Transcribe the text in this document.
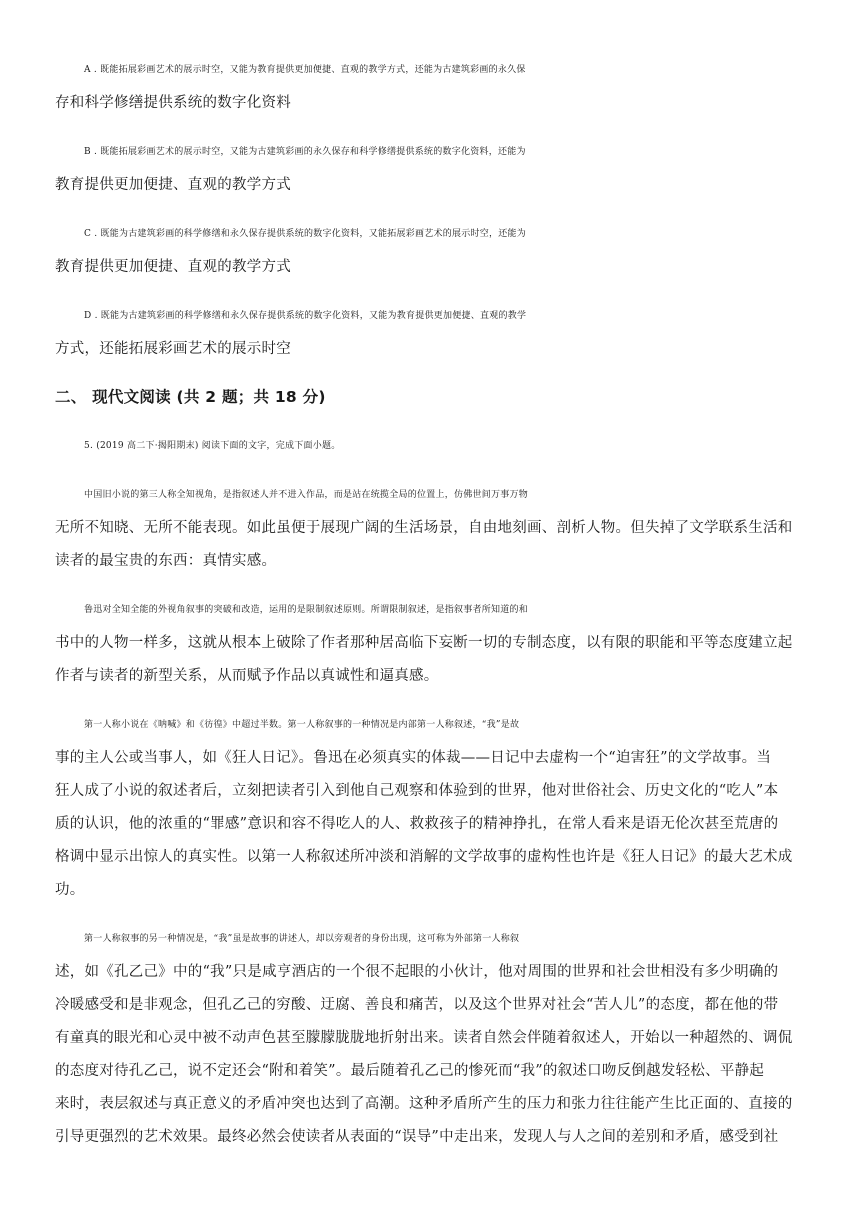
A . 既能拓展彩画艺术的展示时空，又能为教育提供更加便捷、直观的教学方式，还能为古建筑彩画的永久保
存和科学修缮提供系统的数字化资料
B . 既能拓展彩画艺术的展示时空，又能为古建筑彩画的永久保存和科学修缮提供系统的数字化资料，还能为
教育提供更加便捷、直观的教学方式
C . 既能为古建筑彩画的科学修缮和永久保存提供系统的数字化资料，又能拓展彩画艺术的展示时空，还能为
教育提供更加便捷、直观的教学方式
D . 既能为古建筑彩画的科学修缮和永久保存提供系统的数字化资料，又能为教育提供更加便捷、直观的教学
方式，还能拓展彩画艺术的展示时空
二、 现代文阅读 (共 2 题；共 18 分)
5. (2019 高二下·揭阳期末) 阅读下面的文字，完成下面小题。
中国旧小说的第三人称全知视角，是指叙述人并不进入作品，而是站在统揽全局的位置上，仿佛世间万事万物
无所不知晓、无所不能表现。如此虽便于展现广阔的生活场景，自由地刻画、剖析人物。但失掉了文学联系生活和
读者的最宝贵的东西：真情实感。
鲁迅对全知全能的外视角叙事的突破和改造，运用的是限制叙述原则。所谓限制叙述，是指叙事者所知道的和
书中的人物一样多，这就从根本上破除了作者那种居高临下妄断一切的专制态度，以有限的职能和平等态度建立起
作者与读者的新型关系，从而赋予作品以真诚性和逼真感。
第一人称小说在《呐喊》和《彷徨》中超过半数。第一人称叙事的一种情况是内部第一人称叙述，“我”是故
事的主人公或当事人，如《狂人日记》。鲁迅在必须真实的体裁——日记中去虚构一个“迫害狂”的文学故事。当
狂人成了小说的叙述者后，立刻把读者引入到他自己观察和体验到的世界，他对世俗社会、历史文化的“吃人”本
质的认识，他的浓重的“罪感”意识和容不得吃人的人、救救孩子的精神挣扎，在常人看来是语无伦次甚至荒唐的
格调中显示出惊人的真实性。以第一人称叙述所冲淡和消解的文学故事的虚构性也许是《狂人日记》的最大艺术成
功。
第一人称叙事的另一种情况是，“我”虽是故事的讲述人，却以旁观者的身份出现，这可称为外部第一人称叙
述，如《孔乙己》中的“我”只是咸亨酒店的一个很不起眼的小伙计，他对周围的世界和社会世相没有多少明确的
冷暖感受和是非观念，但孔乙己的穷酸、迂腐、善良和痛苦，以及这个世界对社会“苦人儿”的态度，都在他的带
有童真的眼光和心灵中被不动声色甚至朦朦胧胧地折射出来。读者自然会伴随着叙述人，开始以一种超然的、调侃
的态度对待孔乙己，说不定还会“附和着笑”。最后随着孔乙己的惨死而“我”的叙述口吻反倒越发轻松、平静起
来时，表层叙述与真正意义的矛盾冲突也达到了高潮。这种矛盾所产生的压力和张力往往能产生比正面的、直接的
引导更强烈的艺术效果。最终必然会使读者从表面的“误导”中走出来，发现人与人之间的差别和矛盾，感受到社
